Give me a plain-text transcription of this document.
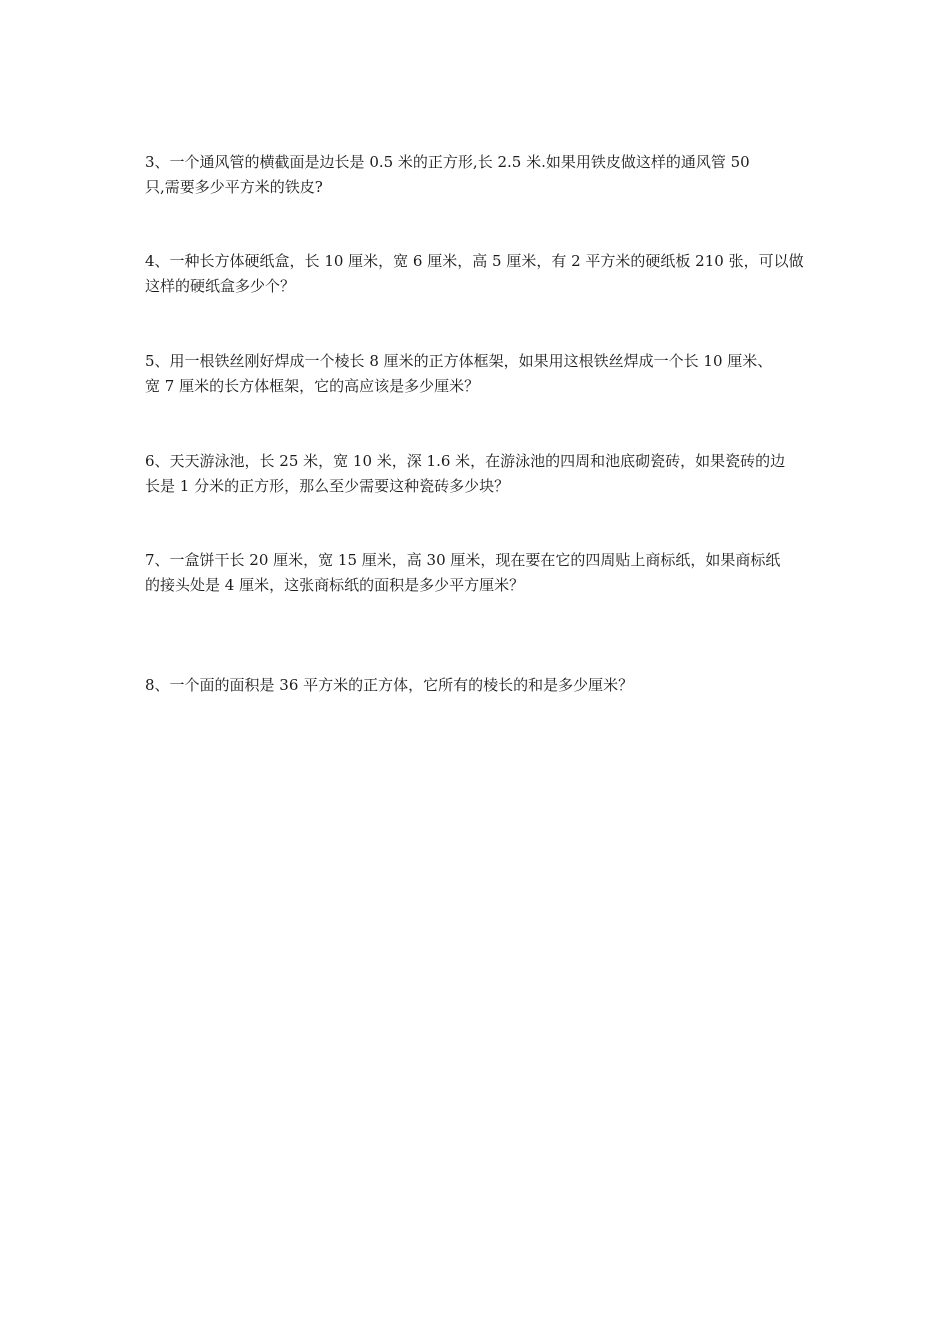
3、一个通风管的横截面是边长是 0.5 米的正方形,长 2.5 米.如果用铁皮做这样的通风管 50
只,需要多少平方米的铁皮?

4、一种长方体硬纸盒，长 10 厘米，宽 6 厘米，高 5 厘米，有 2 平方米的硬纸板 210 张，可以做
这样的硬纸盒多少个？

5、用一根铁丝刚好焊成一个棱长 8 厘米的正方体框架，如果用这根铁丝焊成一个长 10 厘米、
宽 7 厘米的长方体框架，它的高应该是多少厘米？

6、天天游泳池，长 25 米，宽 10 米，深 1.6 米，在游泳池的四周和池底砌瓷砖，如果瓷砖的边
长是 1 分米的正方形，那么至少需要这种瓷砖多少块？

7、一盒饼干长 20 厘米，宽 15 厘米，高 30 厘米，现在要在它的四周贴上商标纸，如果商标纸
的接头处是 4 厘米，这张商标纸的面积是多少平方厘米？

8、一个面的面积是 36 平方米的正方体，它所有的棱长的和是多少厘米？
